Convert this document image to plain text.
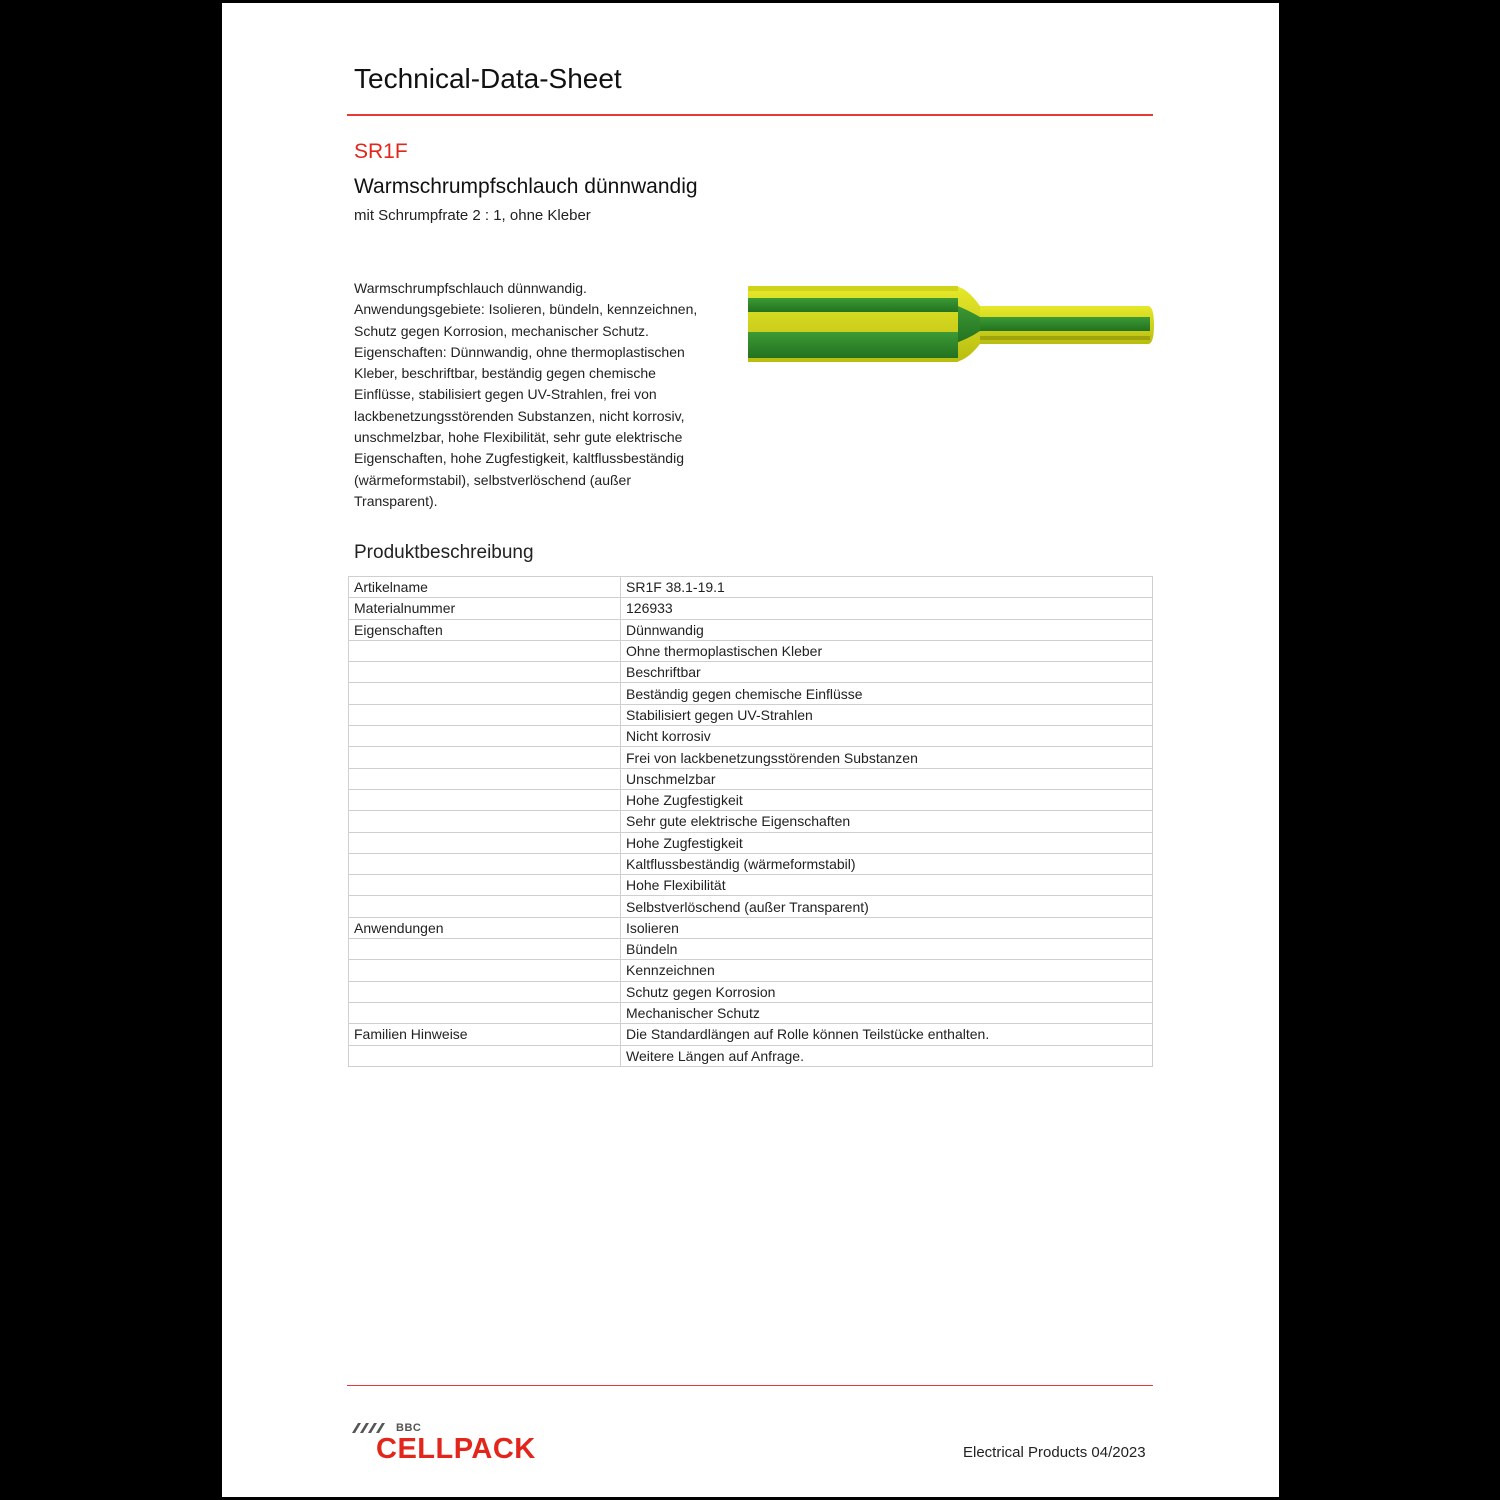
Technical-Data-Sheet
SR1F
Warmschrumpfschlauch dünnwandig
mit Schrumpfrate 2 : 1, ohne Kleber
Warmschrumpfschlauch dünnwandig. Anwendungsgebiete: Isolieren, bündeln, kennzeichnen, Schutz gegen Korrosion, mechanischer Schutz. Eigenschaften: Dünnwandig, ohne thermoplastischen Kleber, beschriftbar, beständig gegen chemische Einflüsse, stabilisiert gegen UV-Strahlen, frei von lackbenetzungsstörenden Substanzen, nicht korrosiv, unschmelzbar, hohe Flexibilität, sehr gute elektrische Eigenschaften, hohe Zugfestigkeit, kaltflussbeständig (wärmeformstabil), selbstverlöschend (außer Transparent).
Produktbeschreibung
Artikelname	SR1F 38.1-19.1
Materialnummer	126933
Eigenschaften	Dünnwandig
	Ohne thermoplastischen Kleber
	Beschriftbar
	Beständig gegen chemische Einflüsse
	Stabilisiert gegen UV-Strahlen
	Nicht korrosiv
	Frei von lackbenetzungsstörenden Substanzen
	Unschmelzbar
	Hohe Zugfestigkeit
	Sehr gute elektrische Eigenschaften
	Hohe Zugfestigkeit
	Kaltflussbeständig (wärmeformstabil)
	Hohe Flexibilität
	Selbstverlöschend (außer Transparent)
Anwendungen	Isolieren
	Bündeln
	Kennzeichnen
	Schutz gegen Korrosion
	Mechanischer Schutz
Familien Hinweise	Die Standardlängen auf Rolle können Teilstücke enthalten.
	Weitere Längen auf Anfrage.
BBC
CELLPACK	Electrical Products 04/2023
